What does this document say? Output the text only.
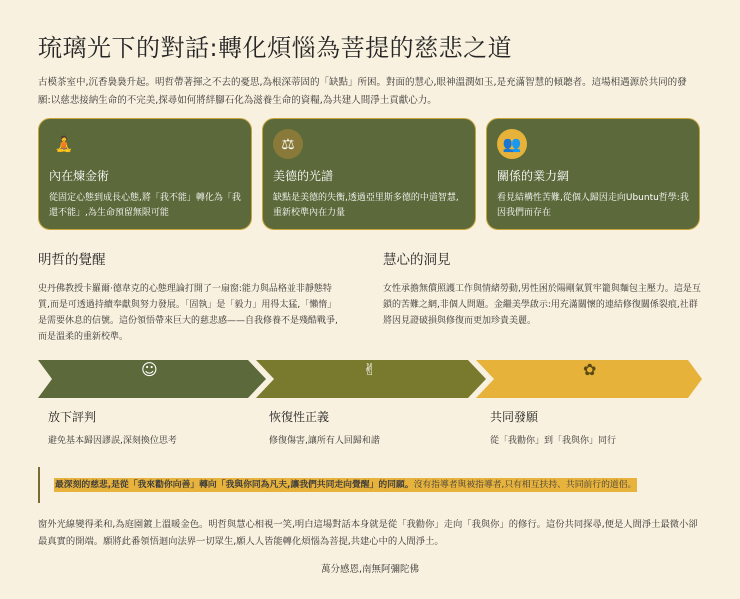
琉璃光下的對話:轉化煩惱為菩提的慈悲之道
古模茶室中,沉香裊裊升起。明哲帶著揮之不去的憂思,為根深蒂固的「缺點」所困。對面的慧心,眼神溫潤如玉,是充滿智慧的傾聽者。這場相遇源於共同的發願:以慈悲接納生命的不完美,探尋如何將絆腳石化為滋養生命的資糧,為共建人間淨土貢獻心力。
🧘
內在煉金術
從固定心態到成長心態,將「我不能」轉化為「我還不能」,為生命預留無限可能
⚖
美德的光譜
缺點是美德的失衡,透過亞里斯多德的中道智慧,重新校準內在力量
👥
關係的業力網
看見結構性苦難,從個人歸因走向Ubuntu哲學:我因我們而存在
明哲的覺醒
史丹佛教授卡羅爾·德韋克的心態理論打開了一扇窗:能力與品格並非靜態特質,而是可透過持續奉獻與努力發展。「固執」是「毅力」用得太猛,「懶惰」是需要休息的信號。這份領悟帶來巨大的慈悲感——自我修養不是殘酷戰爭,而是溫柔的重新校準。
慧心的洞見
女性承擔無償照護工作與情緒勞動,男性困於陽剛氣質牢籠與麵包主壓力。這是互鎖的苦難之網,非個人問題。金繼美學啟示:用充滿關懷的連結修復關係裂痕,社群將因見證破損與修復而更加珍貴美麗。
☺	✌	✿
放下評判
避免基本歸因謬誤,深刻換位思考
恢復性正義
修復傷害,讓所有人回歸和諧
共同發願
從「我勸你」到「我與你」同行
最深刻的慈悲,是從「我來勸你向善」轉向「我與你同為凡夫,讓我們共同走向覺醒」的同願。沒有指導者與被指導者,只有相互扶持、共同前行的道侶。
窗外光線變得柔和,為庭園鍍上溫暖金色。明哲與慧心相視一笑,明白這場對話本身就是從「我勸你」走向「我與你」的修行。這份共同探尋,便是人間淨土最微小卻最真實的開端。願將此番領悟迴向法界一切眾生,願人人皆能轉化煩惱為菩提,共建心中的人間淨土。
萬分感恩,南無阿彌陀佛
